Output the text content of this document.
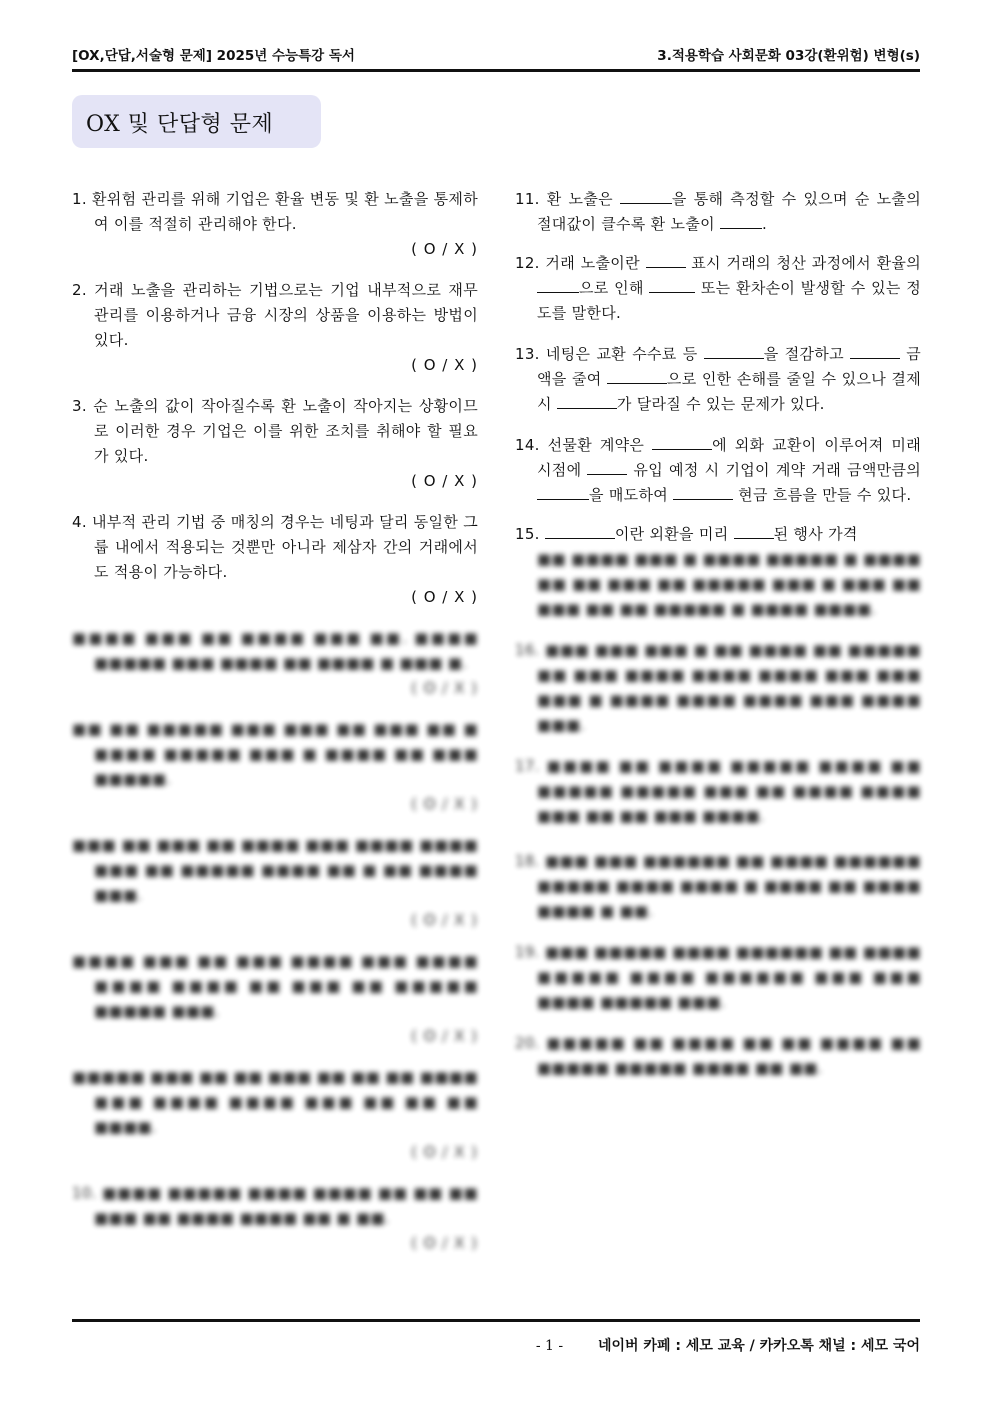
[OX,단답,서술형 문제] 2025년 수능특강 독서	3.적용학습 사회문화 03강(환위험) 변형(s)
OX 및 단답형 문제
1. 환위험 관리를 위해 기업은 환율 변동 및 환 노출을 통제하여 이를 적절히 관리해야 한다.
( O / X )
2. 거래 노출을 관리하는 기법으로는 기업 내부적으로 재무 관리를 이용하거나 금융 시장의 상품을 이용하는 방법이 있다.
( O / X )
3. 순 노출의 값이 작아질수록 환 노출이 작아지는 상황이므로 이러한 경우 기업은 이를 위한 조치를 취해야 할 필요가 있다.
( O / X )
4. 내부적 관리 기법 중 매칭의 경우는 네팅과 달리 동일한 그룹 내에서 적용되는 것뿐만 아니라 제삼자 간의 거래에서도 적용이 가능하다.
( O / X )
■■■■ ■■■ ■■ ■■■■ ■■■ ■■. ■■■■ ■■■■■ ■■■ ■■■■ ■■ ■■■■ ■ ■■■ ■.
( O / X )
■■ ■■ ■■■■■ ■■■ ■■■ ■■ ■■■ ■■ ■ ■■■■ ■■■■■ ■■■ ■ ■■■■ ■■ ■■■ ■■■■■.
( O / X )
■■■ ■■ ■■■ ■■ ■■■■ ■■■ ■■■■ ■■■■ ■■■ ■■ ■■■■■ ■■■■ ■■ ■ ■■ ■■■■ ■■■.
( O / X )
■■■■ ■■■ ■■ ■■■ ■■■■ ■■■ ■■■■ ■■■■ ■■■■ ■■ ■■■ ■■ ■■■■■ ■■■■■ ■■■.
( O / X )
■■■■■ ■■■ ■■ ■■ ■■■ ■■ ■■ ■■ ■■■■ ■■■ ■■■■ ■■■■ ■■■ ■■ ■■ ■■ ■■■■.
( O / X )
10. ■■■■ ■■■■■ ■■■■ ■■■■ ■■ ■■ ■■ ■■■ ■■ ■■■■ ■■■■ ■■ ■ ■■.
( O / X )
11. 환 노출은	을 통해 측정할 수 있으며 순 노출의 절대값이 클수록 환 노출이	.
12. 거래 노출이란	표시 거래의 청산 과정에서 환율의 으로 인해	또는 환차손이 발생할 수 있는 정도를 말한다.
13. 네팅은 교환 수수료 등	을 절감하고	금액을 줄여	으로 인한 손해를 줄일 수 있으나 결제 시	가 달라질 수 있는 문제가 있다.
14. 선물환 계약은	에 외화 교환이 이루어져 미래 시점에	유입 예정 시 기업이 계약 거래 금액만큼의 을 매도하여	현금 흐름을 만들 수 있다.
15.	이란 외환을 미리	된 행사 가격
■■ ■■■■ ■■■ ■ ■■■■ ■■■■■ ■ ■■■■ ■■ ■■ ■■■ ■■ ■■■■■ ■■■ ■ ■■■ ■■ ■■■ ■■ ■■ ■■■■■ ■ ■■■■ ■■■■.
16. ■■■ ■■■ ■■■ ■ ■■ ■■■■ ■■ ■■■■■ ■■ ■■■ ■■■■ ■■■■ ■■■■ ■■■ ■■■ ■■■ ■ ■■■■ ■■■■ ■■■■ ■■■ ■■■■ ■■■.
17. ■■■■ ■■ ■■■■ ■■■■■ ■■■■ ■■ ■■■■■ ■■■■■ ■■■ ■■ ■■■■ ■■■■ ■■■ ■■ ■■ ■■■ ■■■■.
18. ■■■ ■■■ ■■■■■■ ■■ ■■■■ ■■■■■■ ■■■■■ ■■■■ ■■■■ ■ ■■■■ ■■ ■■■■ ■■■■ ■ ■■.
19. ■■■ ■■■■■ ■■■■ ■■■■■■ ■■ ■■■■ ■■■■■ ■■■■ ■■■■■■ ■■■ ■■■ ■■■■ ■■■■■ ■■■.
20. ■■■■■ ■■ ■■■■ ■■ ■■ ■■■■ ■■ ■■■■■ ■■■■■ ■■■■ ■■ ■■.
- 1 - 네이버 카페 : 세모 교육 / 카카오톡 채널 : 세모 국어
